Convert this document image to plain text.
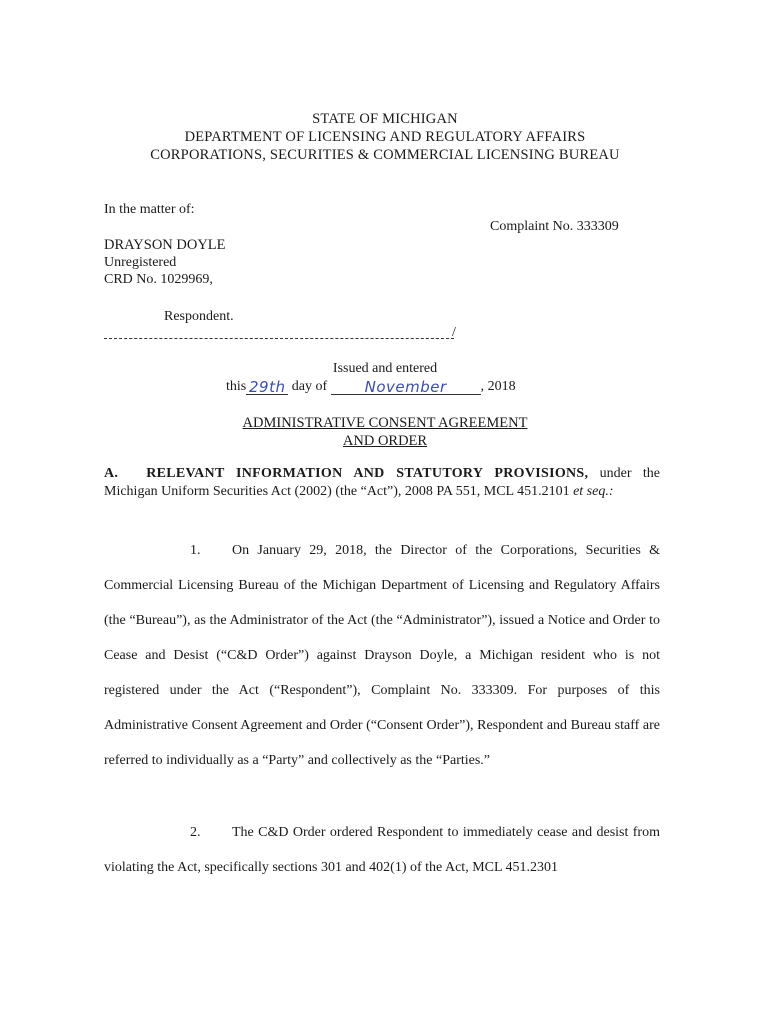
STATE OF MICHIGAN
DEPARTMENT OF LICENSING AND REGULATORY AFFAIRS
CORPORATIONS, SECURITIES & COMMERCIAL LICENSING BUREAU
In the matter of:
Complaint No. 333309
DRAYSON DOYLE
Unregistered
CRD No. 1029969,
Respondent.
/
Issued and entered
this 29th day of November , 2018
ADMINISTRATIVE CONSENT AGREEMENT
AND ORDER
A. RELEVANT INFORMATION AND STATUTORY PROVISIONS, under the Michigan Uniform Securities Act (2002) (the “Act”), 2008 PA 551, MCL 451.2101 et seq.:
1. On January 29, 2018, the Director of the Corporations, Securities & Commercial Licensing Bureau of the Michigan Department of Licensing and Regulatory Affairs (the “Bureau”), as the Administrator of the Act (the “Administrator”), issued a Notice and Order to Cease and Desist (“C&D Order”) against Drayson Doyle, a Michigan resident who is not registered under the Act (“Respondent”), Complaint No. 333309. For purposes of this Administrative Consent Agreement and Order (“Consent Order”), Respondent and Bureau staff are referred to individually as a “Party” and collectively as the “Parties.”
2. The C&D Order ordered Respondent to immediately cease and desist from violating the Act, specifically sections 301 and 402(1) of the Act, MCL 451.2301
